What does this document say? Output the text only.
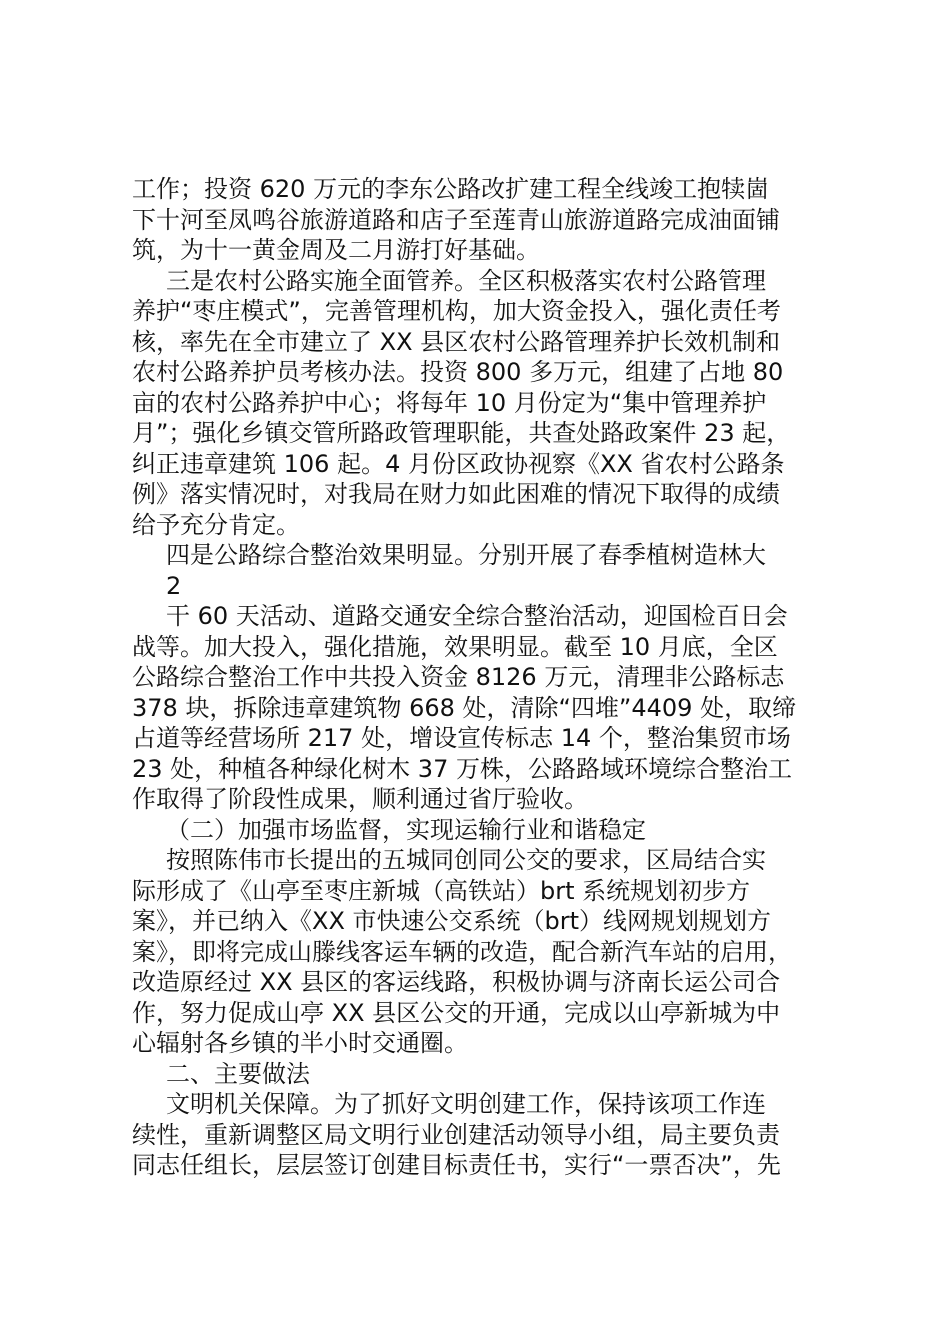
工作；投资 620 万元的李东公路改扩建工程全线竣工抱犊崮
下十河至凤鸣谷旅游道路和店子至莲青山旅游道路完成油面铺
筑，为十一黄金周及二月游打好基础。
三是农村公路实施全面管养。全区积极落实农村公路管理
养护“枣庄模式”，完善管理机构，加大资金投入，强化责任考
核，率先在全市建立了 XX 县区农村公路管理养护长效机制和
农村公路养护员考核办法。投资 800 多万元，组建了占地 80
亩的农村公路养护中心；将每年 10 月份定为“集中管理养护
月”；强化乡镇交管所路政管理职能，共查处路政案件 23 起，
纠正违章建筑 106 起。4 月份区政协视察《XX 省农村公路条
例》落实情况时，对我局在财力如此困难的情况下取得的成绩
给予充分肯定。
四是公路综合整治效果明显。分别开展了春季植树造林大
2
干 60 天活动、道路交通安全综合整治活动，迎国检百日会
战等。加大投入，强化措施，效果明显。截至 10 月底，全区
公路综合整治工作中共投入资金 8126 万元，清理非公路标志
378 块，拆除违章建筑物 668 处，清除“四堆”4409 处，取缔
占道等经营场所 217 处，增设宣传标志 14 个，整治集贸市场
23 处，种植各种绿化树木 37 万株，公路路域环境综合整治工
作取得了阶段性成果，顺利通过省厅验收。
（二）加强市场监督，实现运输行业和谐稳定
按照陈伟市长提出的五城同创同公交的要求，区局结合实
际形成了《山亭至枣庄新城（高铁站）brt 系统规划初步方
案》，并已纳入《XX 市快速公交系统（brt）线网规划规划方
案》，即将完成山滕线客运车辆的改造，配合新汽车站的启用，
改造原经过 XX 县区的客运线路，积极协调与济南长运公司合
作，努力促成山亭 XX 县区公交的开通，完成以山亭新城为中
心辐射各乡镇的半小时交通圈。
二、主要做法
文明机关保障。为了抓好文明创建工作，保持该项工作连
续性，重新调整区局文明行业创建活动领导小组，局主要负责
同志任组长，层层签订创建目标责任书，实行“一票否决”，先
